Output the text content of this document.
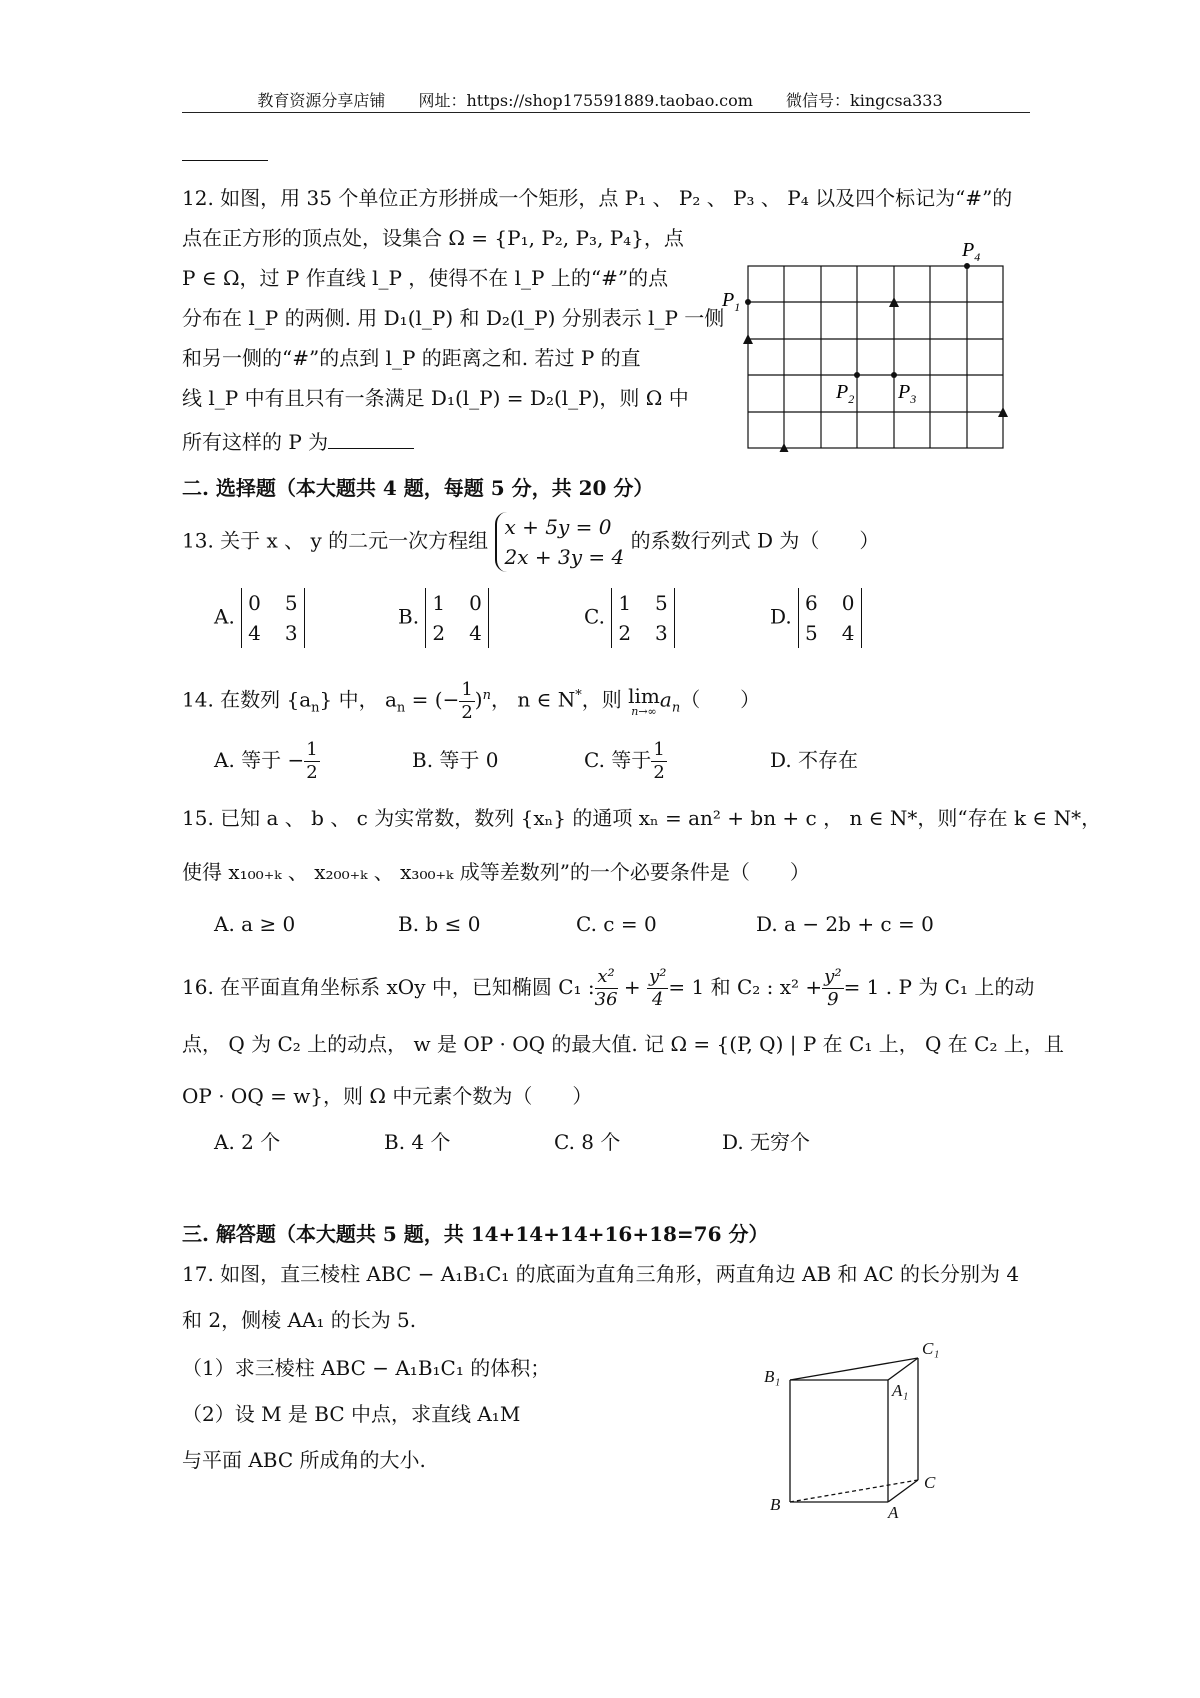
教育资源分享店铺 网址：https://shop175591889.taobao.com 微信号：kingcsa333
12. 如图，用 35 个单位正方形拼成一个矩形，点 P₁ 、 P₂ 、 P₃ 、 P₄ 以及四个标记为“#”的
点在正方形的顶点处，设集合 Ω = {P₁, P₂, P₃, P₄}，点
P ∈ Ω，过 P 作直线 l_P ，使得不在 l_P 上的“#”的点
分布在 l_P 的两侧. 用 D₁(l_P) 和 D₂(l_P) 分别表示 l_P 一侧
和另一侧的“#”的点到 l_P 的距离之和. 若过 P 的直
线 l_P 中有且只有一条满足 D₁(l_P) = D₂(l_P)，则 Ω 中
所有这样的 P 为
$P_1$
$P_2$ $P_3$
$P_4$
二. 选择题（本大题共 4 题，每题 5 分，共 20 分）
13. 关于 x 、 y 的二元一次方程组
x + 5y = 0
2x + 3y = 4
的系数行列式 D 为（　　）
A.
0 5
4 3
B.
1 0
2 4
C.
1 5
2 3
D.
6 0
5 4
14. 在数列 $\{a_n\}$ 中， $a_n$ = (− $\frac{1}{2} )^n$， n ∈ N*，则 lim
n→∞ $a_n$（　　）
A. 等于 − $\frac{1}{2}$	B. 等于 0	C. 等于 $\frac{1}{2}$	D. 不存在
15. 已知 a 、 b 、 c 为实常数，数列 {xₙ} 的通项 xₙ = an² + bn + c ， n ∈ N*，则“存在 k ∈ N*，
使得 x₁₀₀₊ₖ 、 x₂₀₀₊ₖ 、 x₃₀₀₊ₖ 成等差数列”的一个必要条件是（　　）
A. a ≥ 0	B. b ≤ 0	C. c = 0	D. a − 2b + c = 0
16. 在平面直角坐标系 xOy 中，已知椭圆 C₁ : $\frac{\text{x²}}{36} + \frac{\text{y²}}{4} = 1$ 和 C₂ : $x^2 + \frac{\text{y²}}{9} = 1$ . P 为 C₁ 上的动
点， Q 为 C₂ 上的动点， w 是 OP · OQ 的最大值. 记 Ω = {(P, Q) | P 在 C₁ 上， Q 在 C₂ 上，且
OP · OQ = w}，则 Ω 中元素个数为（　　）
A. 2 个	B. 4 个	C. 8 个	D. 无穷个
三. 解答题（本大题共 5 题，共 14+14+14+16+18=76 分）
17. 如图，直三棱柱 ABC − A₁B₁C₁ 的底面为直角三角形，两直角边 AB 和 AC 的长分别为 4
和 2，侧棱 AA₁ 的长为 5.
（1）求三棱柱 ABC − A₁B₁C₁ 的体积；
（2）设 M 是 BC 中点，求直线 A₁M
与平面 ABC 所成角的大小.
B₁
A₁
C₁
B	A
C
